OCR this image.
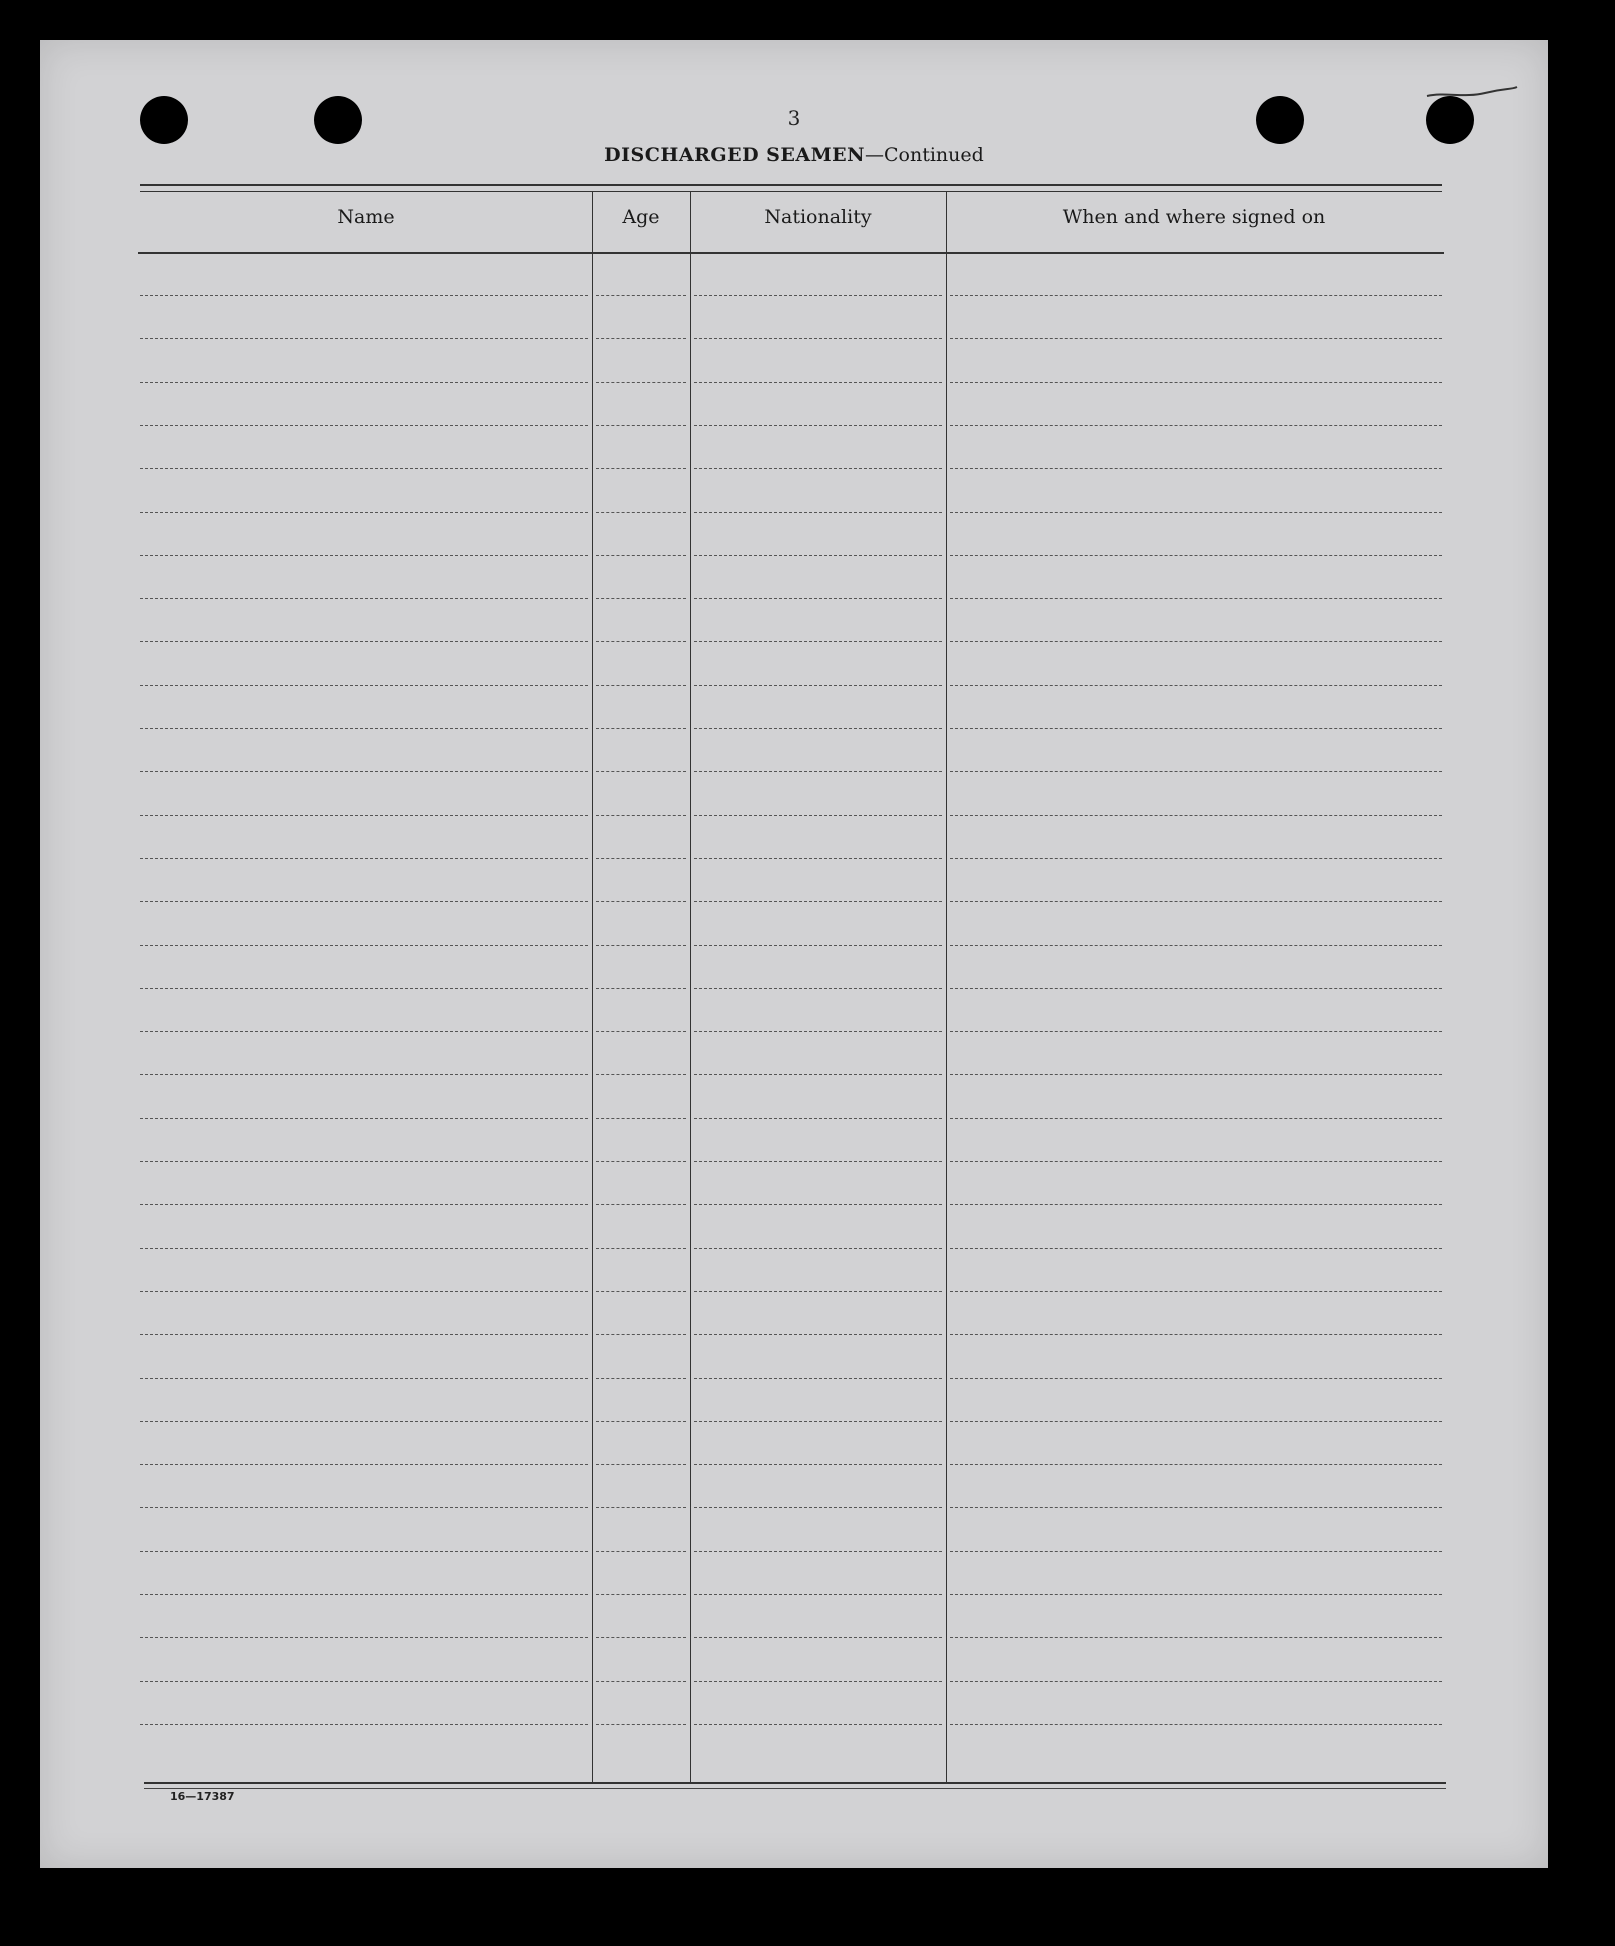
3
DISCHARGED SEAMEN—Continued
Name	Age	Nationality	When and where signed on
16—17387
